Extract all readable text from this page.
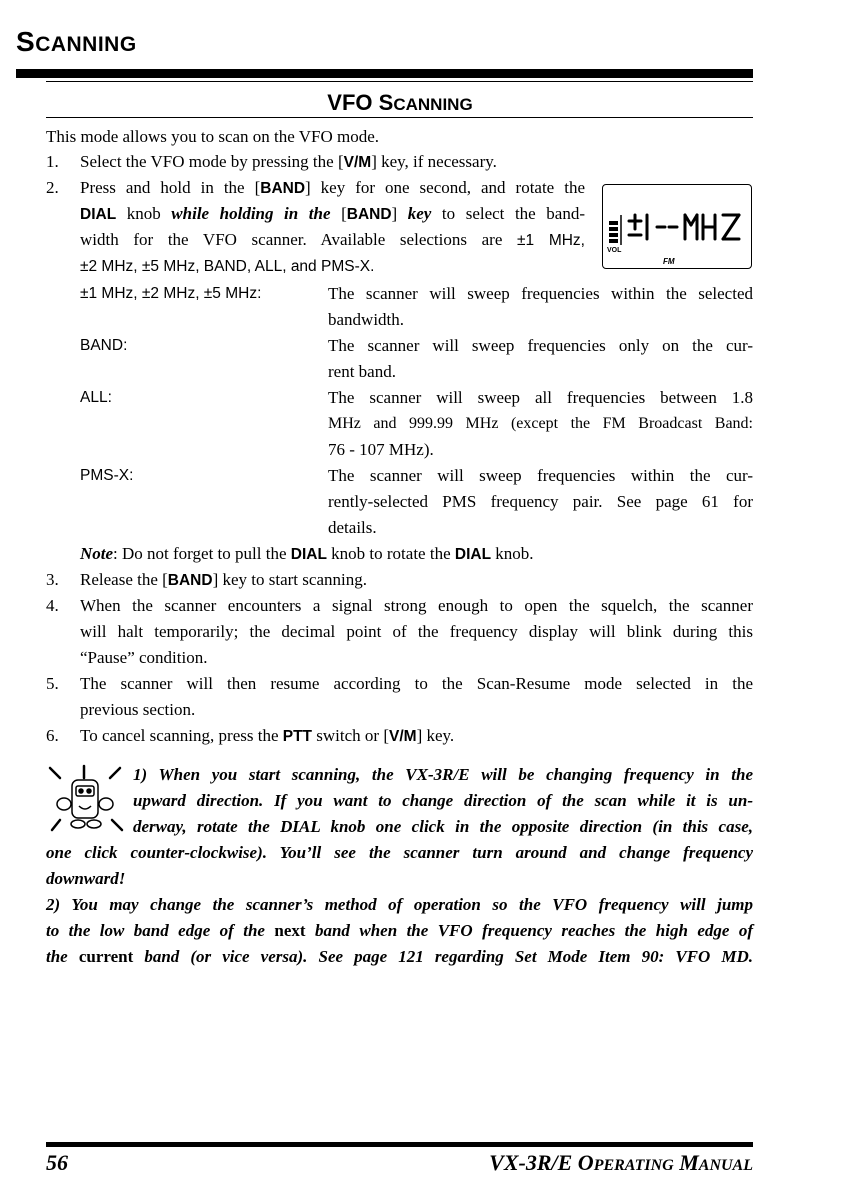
SCANNING
VFO SCANNING
This mode allows you to scan on the VFO mode.
1. Select the VFO mode by pressing the [V/M] key, if necessary.
2. Press and hold in the [BAND] key for one second, and rotate the
DIAL knob while holding in the [BAND] key to select the band-
width for the VFO scanner. Available selections are ±1 MHz,
±2 MHz, ±5 MHz, BAND, ALL, and PMS-X.
VOL
FM
±1 MHz, ±2 MHz, ±5 MHz:	The scanner will sweep frequencies within the selected
bandwidth.
BAND:	The scanner will sweep frequencies only on the cur-
rent band.
ALL:	The scanner will sweep all frequencies between 1.8
MHz and 999.99 MHz (except the FM Broadcast Band:
76 - 107 MHz).
PMS-X:	The scanner will sweep frequencies within the cur-
rently-selected PMS frequency pair. See page 61 for
details.
Note: Do not forget to pull the DIAL knob to rotate the DIAL knob.
3. Release the [BAND] key to start scanning.
4. When the scanner encounters a signal strong enough to open the squelch, the scanner
will halt temporarily; the decimal point of the frequency display will blink during this
“Pause” condition.
5. The scanner will then resume according to the Scan-Resume mode selected in the
previous section.
6. To cancel scanning, press the PTT switch or [V/M] key.
1) When you start scanning, the VX-3R/E will be changing frequency in the
upward direction. If you want to change direction of the scan while it is un-
derway, rotate the DIAL knob one click in the opposite direction (in this case,
one click counter-clockwise). You’ll see the scanner turn around and change frequency
downward!
2) You may change the scanner’s method of operation so the VFO frequency will jump
to the low band edge of the next band when the VFO frequency reaches the high edge of
the current band (or vice versa). See page 121 regarding Set Mode Item 90: VFO MD.
56	VX-3R/E OPERATING MANUAL
